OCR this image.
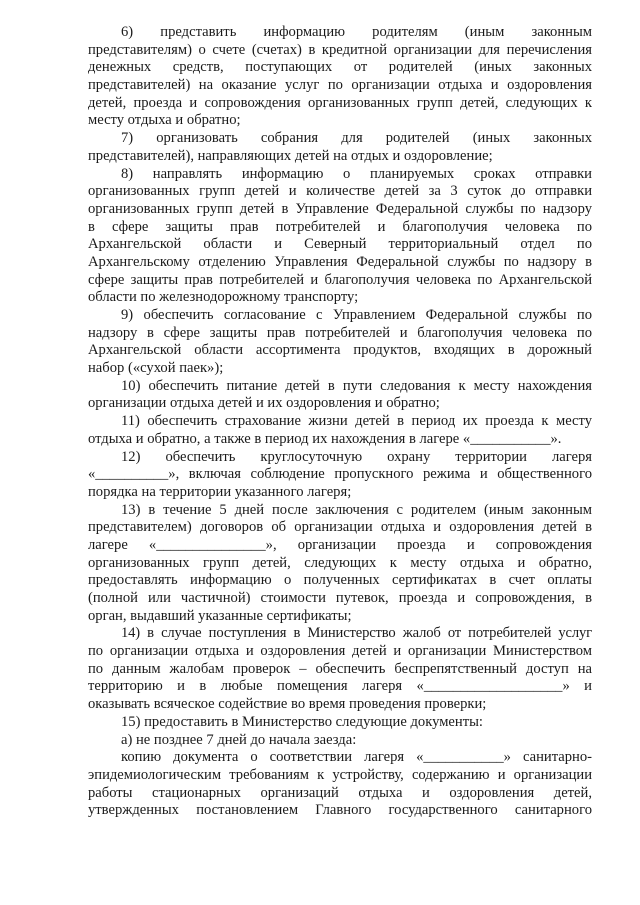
6) представить информацию родителям (иным законным
представителям) о счете (счетах) в кредитной организации для перечисления
денежных средств, поступающих от родителей (иных законных
представителей) на оказание услуг по организации отдыха и оздоровления
детей, проезда и сопровождения организованных групп детей, следующих к
месту отдыха и обратно;
7) организовать собрания для родителей (иных законных
представителей), направляющих детей на отдых и оздоровление;
8) направлять информацию о планируемых сроках отправки
организованных групп детей и количестве детей за 3 суток до отправки
организованных групп детей в Управление Федеральной службы по надзору
в сфере защиты прав потребителей и благополучия человека по
Архангельской области и Северный территориальный отдел по
Архангельскому отделению Управления Федеральной службы по надзору в
сфере защиты прав потребителей и благополучия человека по Архангельской
области по железнодорожному транспорту;
9) обеспечить согласование с Управлением Федеральной службы по
надзору в сфере защиты прав потребителей и благополучия человека по
Архангельской области ассортимента продуктов, входящих в дорожный
набор («сухой паек»);
10) обеспечить питание детей в пути следования к месту нахождения
организации отдыха детей и их оздоровления и обратно;
11) обеспечить страхование жизни детей в период их проезда к месту
отдыха и обратно, а также в период их нахождения в лагере «___________».
12) обеспечить круглосуточную охрану территории лагеря
«__________», включая соблюдение пропускного режима и общественного
порядка на территории указанного лагеря;
13) в течение 5 дней после заключения с родителем (иным законным
представителем) договоров об организации отдыха и оздоровления детей в
лагере «_______________», организации проезда и сопровождения
организованных групп детей, следующих к месту отдыха и обратно,
предоставлять информацию о полученных сертификатах в счет оплаты
(полной или частичной) стоимости путевок, проезда и сопровождения, в
орган, выдавший указанные сертификаты;
14) в случае поступления в Министерство жалоб от потребителей услуг
по организации отдыха и оздоровления детей и организации Министерством
по данным жалобам проверок – обеспечить беспрепятственный доступ на
территорию и в любые помещения лагеря «___________________» и
оказывать всяческое содействие во время проведения проверки;
15) предоставить в Министерство следующие документы:
а) не позднее 7 дней до начала заезда:
копию документа о соответствии лагеря «___________» санитарно-
эпидемиологическим требованиям к устройству, содержанию и организации
работы стационарных организаций отдыха и оздоровления детей,
утвержденных постановлением Главного государственного санитарного
